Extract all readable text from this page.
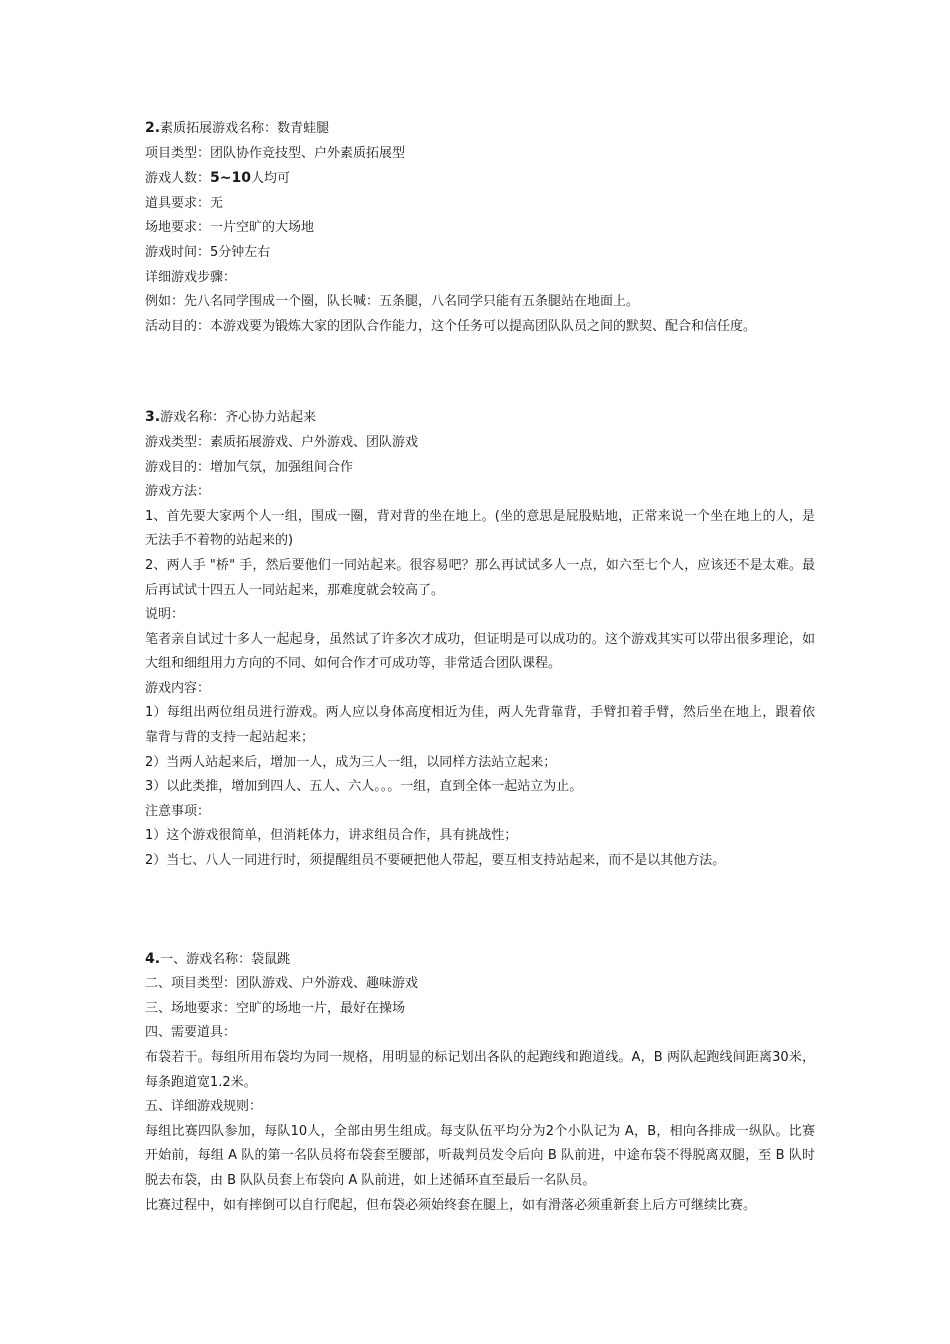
2.素质拓展游戏名称：数青蛙腿
项目类型：团队协作竞技型、户外素质拓展型
游戏人数：5~10人均可
道具要求：无
场地要求：一片空旷的大场地
游戏时间：5分钟左右
详细游戏步骤：
例如：先八名同学围成一个圈，队长喊：五条腿，八名同学只能有五条腿站在地面上。
活动目的：本游戏要为锻炼大家的团队合作能力，这个任务可以提高团队队员之间的默契、配合和信任度。
3.游戏名称：齐心协力站起来
游戏类型：素质拓展游戏、户外游戏、团队游戏
游戏目的：增加气氛，加强组间合作
游戏方法：
1、首先要大家两个人一组，围成一圈，背对背的坐在地上。(坐的意思是屁股贴地，正常来说一个坐在地上的人，是无法手不着物的站起来的)
2、两人手 "桥" 手，然后要他们一同站起来。很容易吧？那么再试试多人一点，如六至七个人，应该还不是太难。最后再试试十四五人一同站起来，那难度就会较高了。
说明：
笔者亲自试过十多人一起起身，虽然试了许多次才成功，但证明是可以成功的。这个游戏其实可以带出很多理论，如大组和细组用力方向的不同、如何合作才可成功等，非常适合团队课程。
游戏内容：
1）每组出两位组员进行游戏。两人应以身体高度相近为佳，两人先背靠背，手臂扣着手臂，然后坐在地上，跟着依靠背与背的支持一起站起来；
2）当两人站起来后，增加一人，成为三人一组，以同样方法站立起来；
3）以此类推，增加到四人、五人、六人。。。一组，直到全体一起站立为止。
注意事项：
1）这个游戏很简单，但消耗体力，讲求组员合作，具有挑战性；
2）当七、八人一同进行时，须提醒组员不要硬把他人带起，要互相支持站起来，而不是以其他方法。
4.一、游戏名称：袋鼠跳
二、项目类型：团队游戏、户外游戏、趣味游戏
三、场地要求：空旷的场地一片，最好在操场
四、需要道具：
布袋若干。每组所用布袋均为同一规格，用明显的标记划出各队的起跑线和跑道线。A，B 两队起跑线间距离30米，每条跑道宽1.2米。
五、详细游戏规则：
每组比赛四队参加，每队10人，全部由男生组成。每支队伍平均分为2个小队记为 A，B，相向各排成一纵队。比赛开始前，每组 A 队的第一名队员将布袋套至腰部，听裁判员发令后向 B 队前进，中途布袋不得脱离双腿，至 B 队时脱去布袋，由 B 队队员套上布袋向 A 队前进，如上述循环直至最后一名队员。
比赛过程中，如有摔倒可以自行爬起，但布袋必须始终套在腿上，如有滑落必须重新套上后方可继续比赛。
